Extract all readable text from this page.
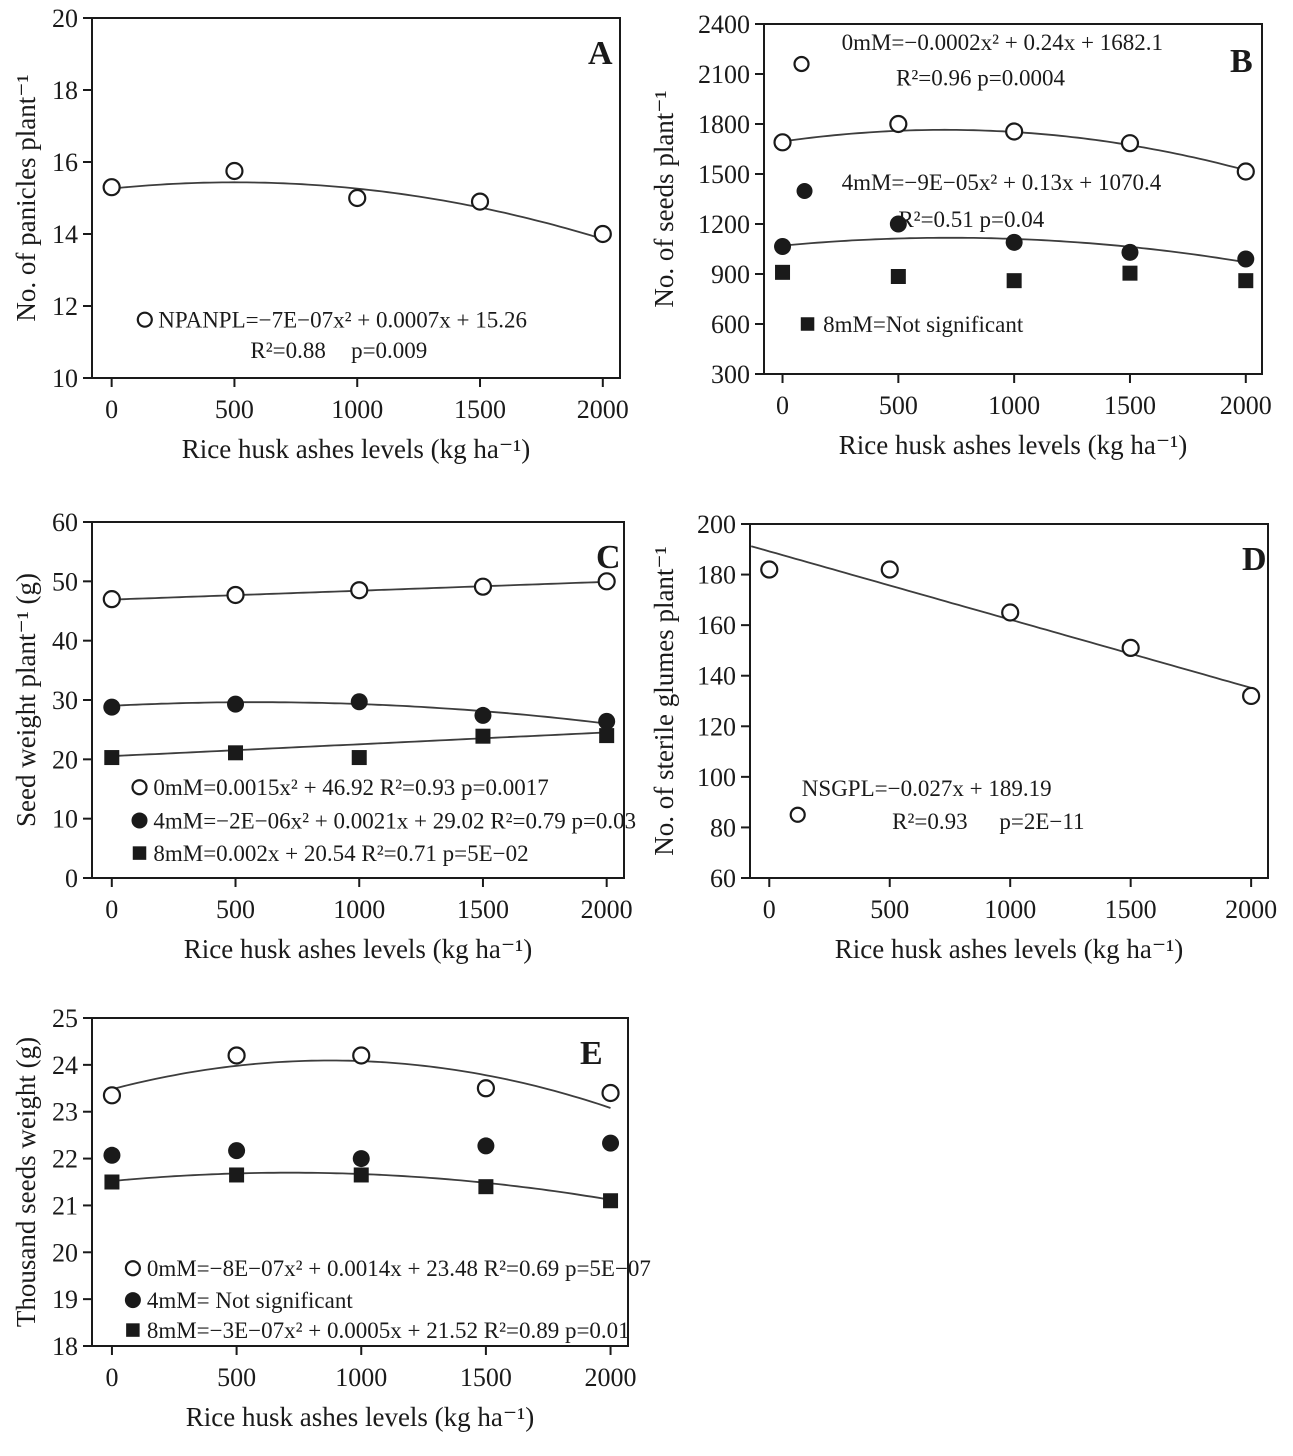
10
12
14
16
18
20
0	500	1000	1500	2000
No. of panicles plant⁻¹
Rice husk ashes levels (kg ha⁻¹)
NPANPL=−7E−07x² + 0.0007x + 15.26
R²=0.88 p=0.009
A
300
600
900
1200
1500
1800
2100
2400
0	500	1000 1500 2000
No. of seeds plant⁻¹
Rice husk ashes levels (kg ha⁻¹)
0mM=−0.0002x² + 0.24x + 1682.1
R²=0.96 p=0.0004
4mM=−9E−05x² + 0.13x + 1070.4
R²=0.51 p=0.04
8mM=Not significant
B
0
10
20
30
40
50
60
0	500	1000	1500	2000
Seed weight plant⁻¹ (g)
Rice husk ashes levels (kg ha⁻¹)
0mM=0.0015x² + 46.92 R²=0.93 p=0.0017
4mM=−2E−06x² + 0.0021x + 29.02 R²=0.79 p=0.03
8mM=0.002x + 20.54 R²=0.71 p=5E−02
C
60
80
100
120
140
160
180
200
0	500	1000	1500	2000
No. of sterile glumes plant⁻¹
Rice husk ashes levels (kg ha⁻¹)
NSGPL=−0.027x + 189.19
R²=0.93 p=2E−11
D
18
19
20
21
22
23
24
25
0	500	1000	1500	2000
Thousand seeds weight (g)
Rice husk ashes levels (kg ha⁻¹)
0mM=−8E−07x² + 0.0014x + 23.48 R²=0.69 p=5E−07
4mM= Not significant
8mM=−3E−07x² + 0.0005x + 21.52 R²=0.89 p=0.01
E
